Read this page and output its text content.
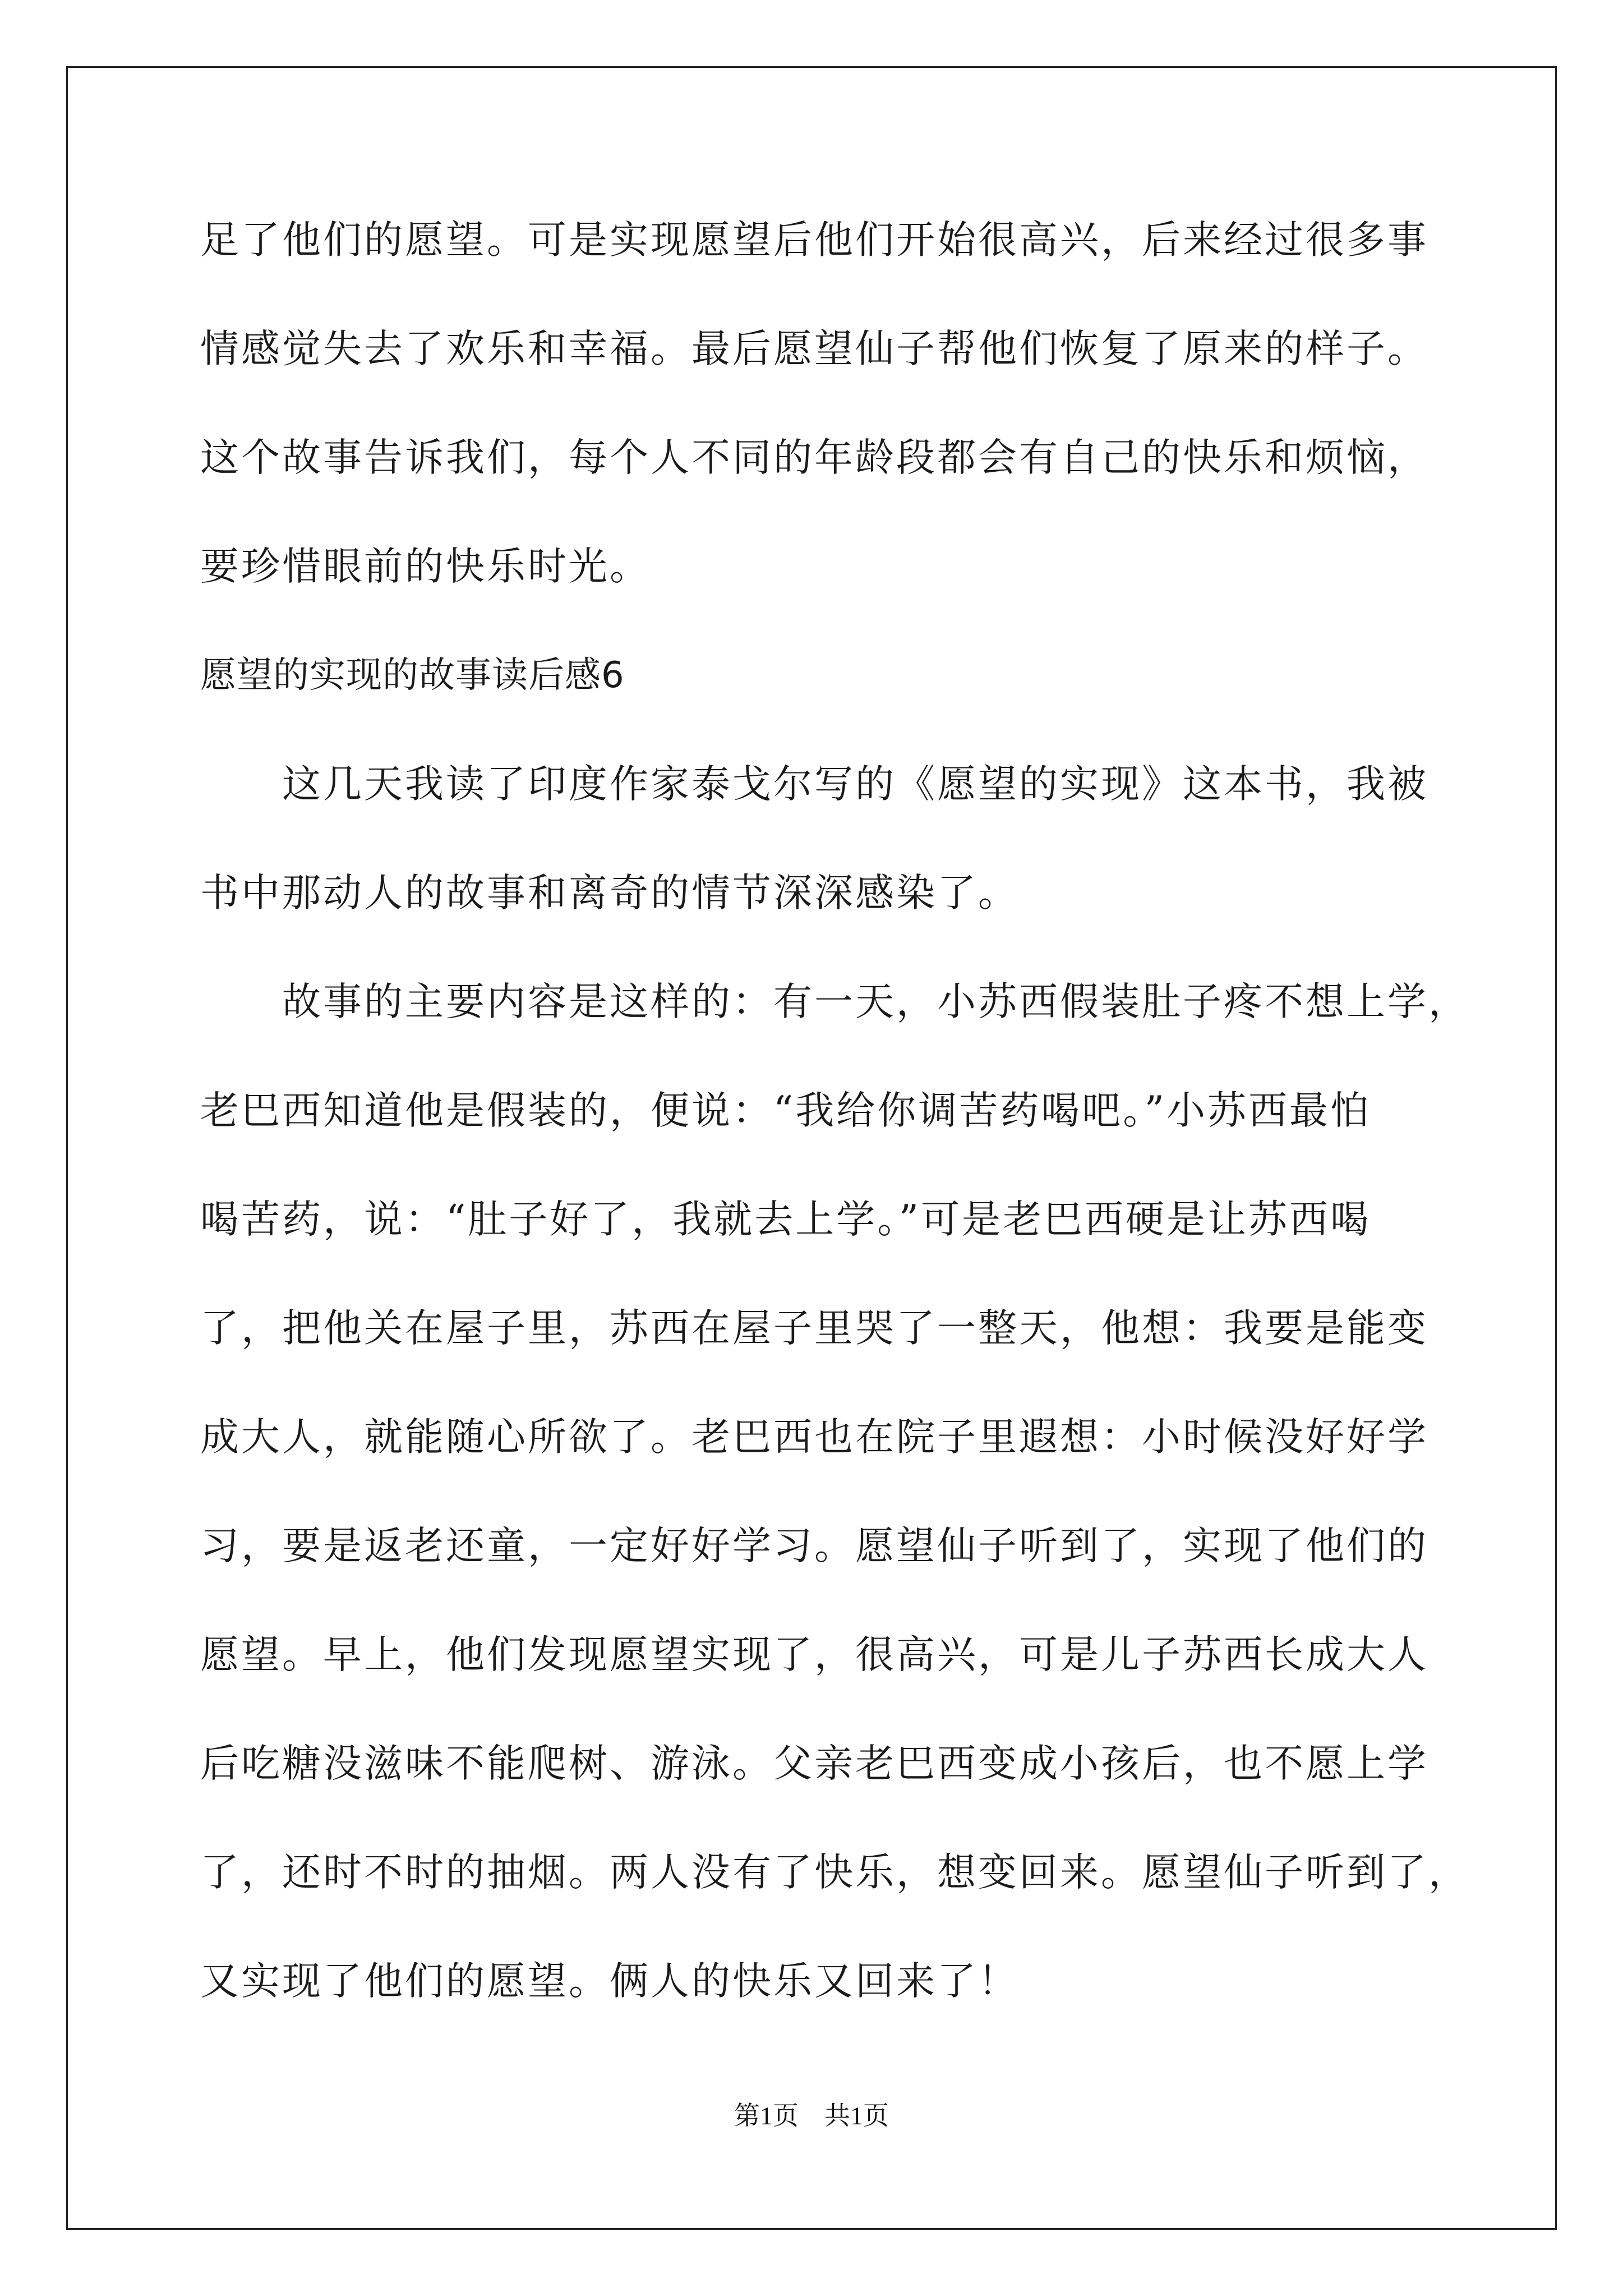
足了他们的愿望。可是实现愿望后他们开始很高兴，后来经过很多事
情感觉失去了欢乐和幸福。最后愿望仙子帮他们恢复了原来的样子。
这个故事告诉我们，每个人不同的年龄段都会有自己的快乐和烦恼，
要珍惜眼前的快乐时光。
愿望的实现的故事读后感6
这几天我读了印度作家泰戈尔写的《愿望的实现》这本书，我被
书中那动人的故事和离奇的情节深深感染了。
故事的主要内容是这样的：有一天，小苏西假装肚子疼不想上学，
老巴西知道他是假装的，便说：“我给你调苦药喝吧。”小苏西最怕
喝苦药，说：“肚子好了，我就去上学。”可是老巴西硬是让苏西喝
了，把他关在屋子里，苏西在屋子里哭了一整天，他想：我要是能变
成大人，就能随心所欲了。老巴西也在院子里遐想：小时候没好好学
习，要是返老还童，一定好好学习。愿望仙子听到了，实现了他们的
愿望。早上，他们发现愿望实现了，很高兴，可是儿子苏西长成大人
后吃糖没滋味不能爬树、游泳。父亲老巴西变成小孩后，也不愿上学
了，还时不时的抽烟。两人没有了快乐，想变回来。愿望仙子听到了，
又实现了他们的愿望。俩人的快乐又回来了！
第1页　共1页
